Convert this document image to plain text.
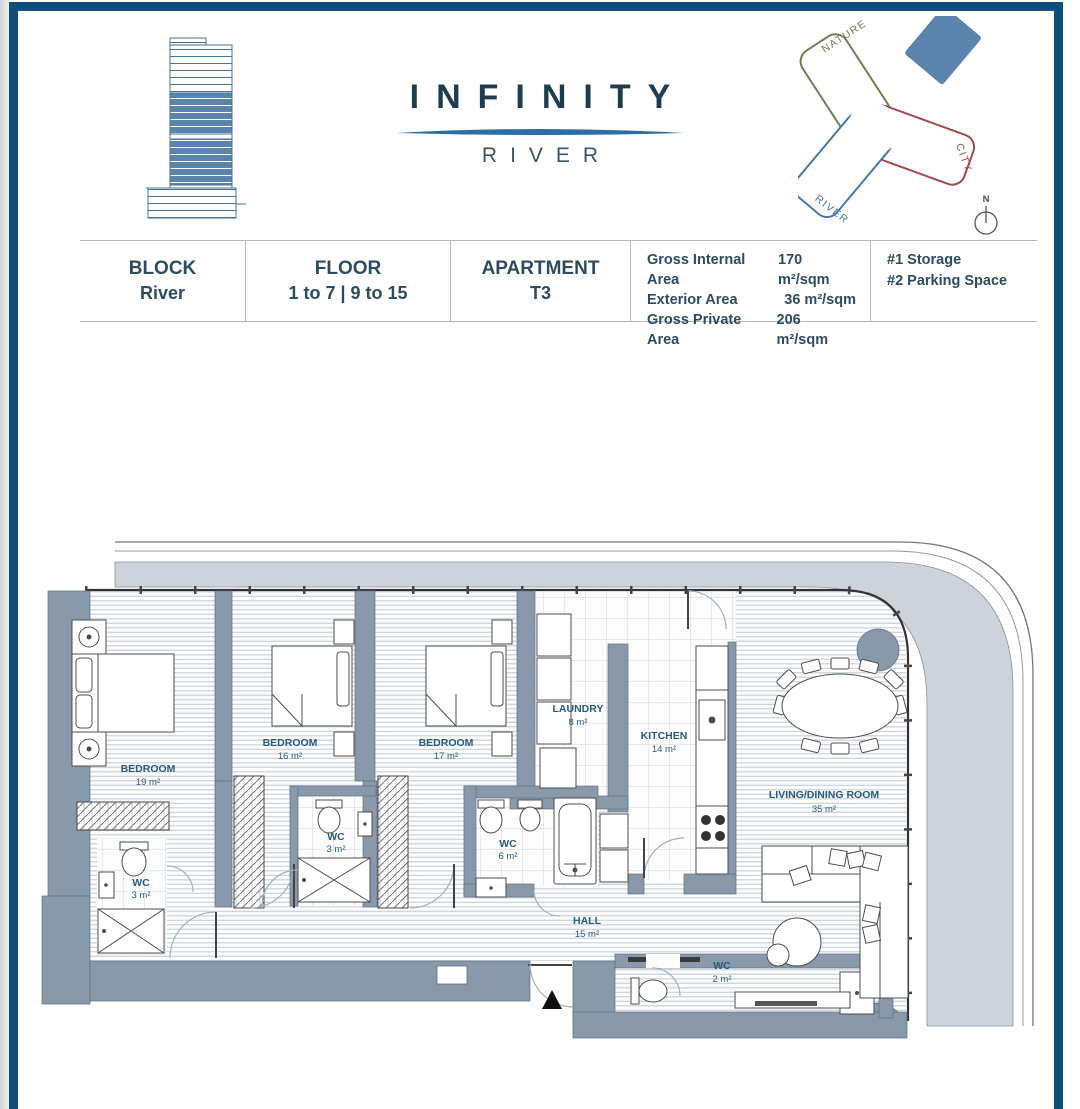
INFINITY
RIVER
NATURE
CITY
RIVER	N
BLOCK
River
FLOOR
1 to 7 | 9 to 15
APARTMENT
T3
Gross Internal Area
170 m²/sqm
Exterior Area	36 m²/sqm
Gross Private Area
206 m²/sqm
#1 Storage
#2 Parking Space
BEDROOM
19 m²
BEDROOM
16 m²
BEDROOM
17 m²
LAUNDRY
8 m²
KITCHEN
14 m²
LIVING/DINING ROOM
35 m²
WC
3 m²
WC
3 m²	WC
6 m²
WC
2 m²
HALL
15 m²
